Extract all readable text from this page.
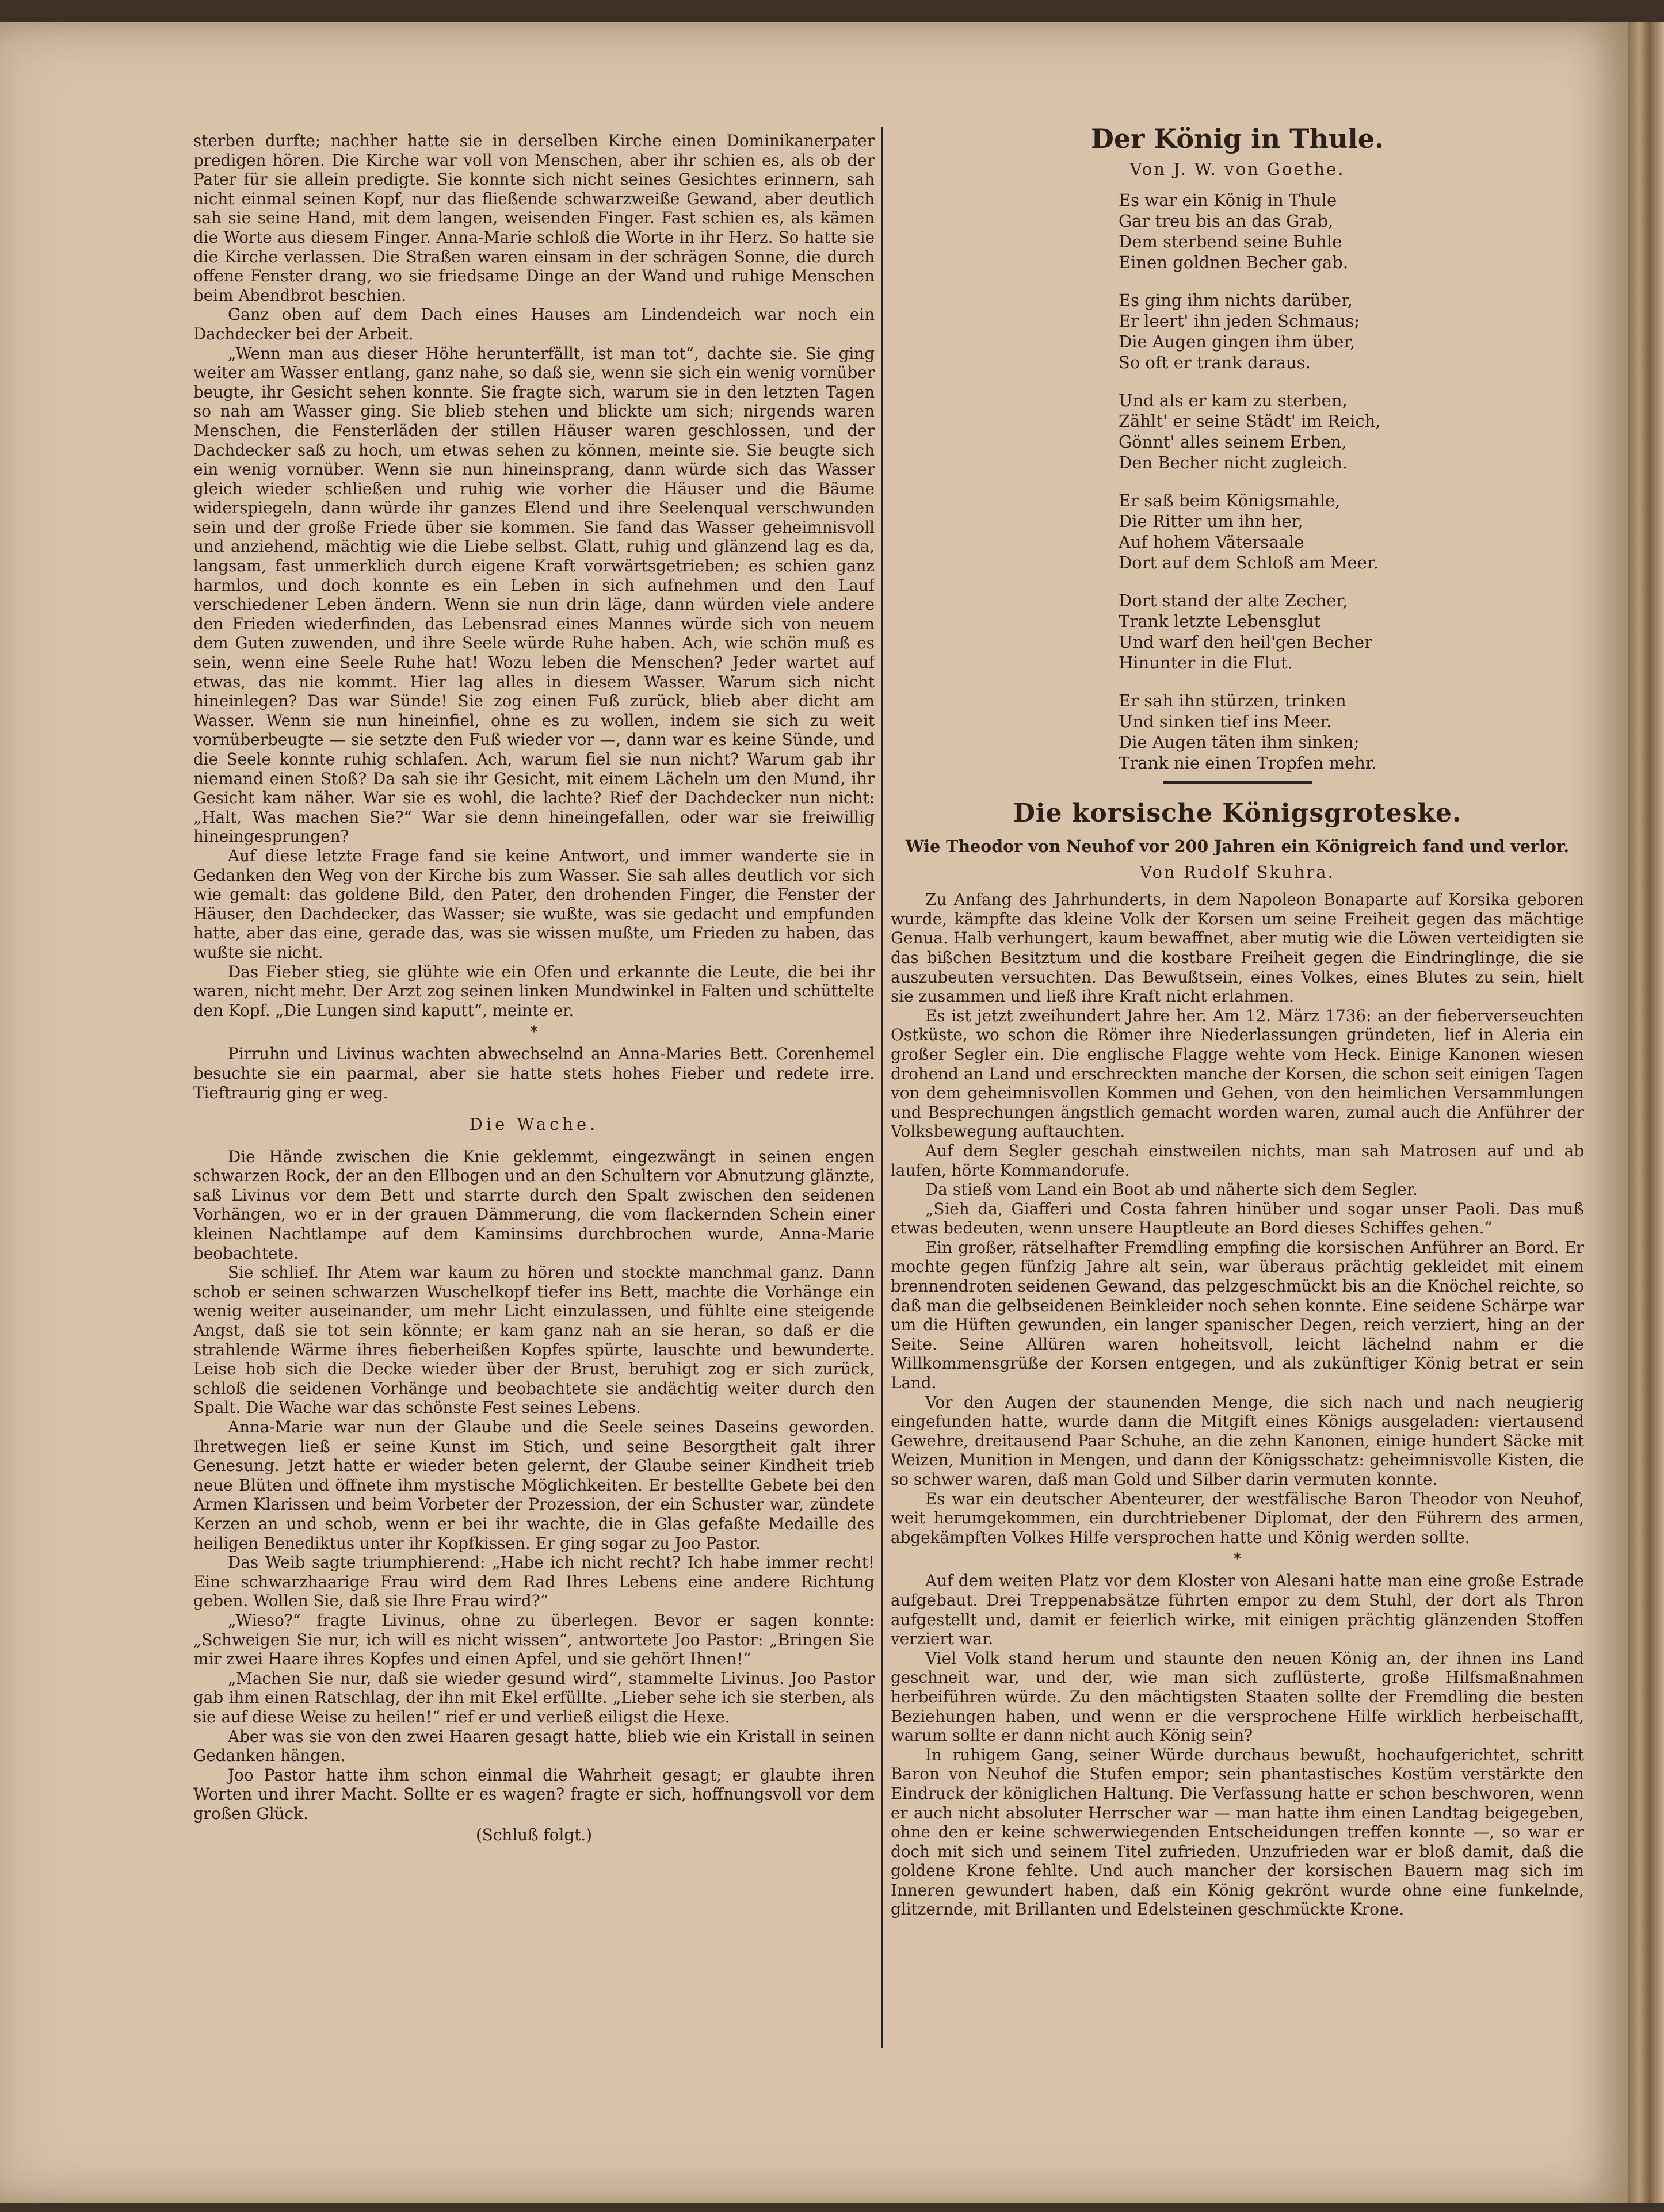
sterben durfte; nachher hatte sie in derselben Kirche einen Dominikanerpater predigen hören. Die Kirche war voll von Menschen, aber ihr schien es, als ob der Pater für sie allein predigte. Sie konnte sich nicht seines Gesichtes erinnern, sah nicht einmal seinen Kopf, nur das fließende schwarzweiße Gewand, aber deutlich sah sie seine Hand, mit dem langen, weisenden Finger. Fast schien es, als kämen die Worte aus diesem Finger. Anna-Marie schloß die Worte in ihr Herz. So hatte sie die Kirche verlassen. Die Straßen waren einsam in der schrägen Sonne, die durch offene Fenster drang, wo sie friedsame Dinge an der Wand und ruhige Menschen beim Abendbrot beschien.

Ganz oben auf dem Dach eines Hauses am Lindendeich war noch ein Dachdecker bei der Arbeit.

„Wenn man aus dieser Höhe herunterfällt, ist man tot“, dachte sie. Sie ging weiter am Wasser entlang, ganz nahe, so daß sie, wenn sie sich ein wenig vornüber beugte, ihr Gesicht sehen konnte. Sie fragte sich, warum sie in den letzten Tagen so nah am Wasser ging. Sie blieb stehen und blickte um sich; nirgends waren Menschen, die Fensterläden der stillen Häuser waren geschlossen, und der Dachdecker saß zu hoch, um etwas sehen zu können, meinte sie. Sie beugte sich ein wenig vornüber. Wenn sie nun hineinsprang, dann würde sich das Wasser gleich wieder schließen und ruhig wie vorher die Häuser und die Bäume widerspiegeln, dann würde ihr ganzes Elend und ihre Seelenqual verschwunden sein und der große Friede über sie kommen. Sie fand das Wasser geheimnisvoll und anziehend, mächtig wie die Liebe selbst. Glatt, ruhig und glänzend lag es da, langsam, fast unmerklich durch eigene Kraft vorwärtsgetrieben; es schien ganz harmlos, und doch konnte es ein Leben in sich aufnehmen und den Lauf verschiedener Leben ändern. Wenn sie nun drin läge, dann würden viele andere den Frieden wiederfinden, das Lebensrad eines Mannes würde sich von neuem dem Guten zuwenden, und ihre Seele würde Ruhe haben. Ach, wie schön muß es sein, wenn eine Seele Ruhe hat! Wozu leben die Menschen? Jeder wartet auf etwas, das nie kommt. Hier lag alles in diesem Wasser. Warum sich nicht hineinlegen? Das war Sünde! Sie zog einen Fuß zurück, blieb aber dicht am Wasser. Wenn sie nun hineinfiel, ohne es zu wollen, indem sie sich zu weit vornüberbeugte — sie setzte den Fuß wieder vor —, dann war es keine Sünde, und die Seele konnte ruhig schlafen. Ach, warum fiel sie nun nicht? Warum gab ihr niemand einen Stoß? Da sah sie ihr Gesicht, mit einem Lächeln um den Mund, ihr Gesicht kam näher. War sie es wohl, die lachte? Rief der Dachdecker nun nicht: „Halt, Was machen Sie?“ War sie denn hineingefallen, oder war sie freiwillig hineingesprungen?

Auf diese letzte Frage fand sie keine Antwort, und immer wanderte sie in Gedanken den Weg von der Kirche bis zum Wasser. Sie sah alles deutlich vor sich wie gemalt: das goldene Bild, den Pater, den drohenden Finger, die Fenster der Häuser, den Dachdecker, das Wasser; sie wußte, was sie gedacht und empfunden hatte, aber das eine, gerade das, was sie wissen mußte, um Frieden zu haben, das wußte sie nicht.

Das Fieber stieg, sie glühte wie ein Ofen und erkannte die Leute, die bei ihr waren, nicht mehr. Der Arzt zog seinen linken Mundwinkel in Falten und schüttelte den Kopf. „Die Lungen sind kaputt“, meinte er.

*

Pirruhn und Livinus wachten abwechselnd an Anna-Maries Bett. Corenhemel besuchte sie ein paarmal, aber sie hatte stets hohes Fieber und redete irre. Tieftraurig ging er weg.

Die Wache.

Die Hände zwischen die Knie geklemmt, eingezwängt in seinen engen schwarzen Rock, der an den Ellbogen und an den Schultern vor Abnutzung glänzte, saß Livinus vor dem Bett und starrte durch den Spalt zwischen den seidenen Vorhängen, wo er in der grauen Dämmerung, die vom flackernden Schein einer kleinen Nachtlampe auf dem Kaminsims durchbrochen wurde, Anna-Marie beobachtete.

Sie schlief. Ihr Atem war kaum zu hören und stockte manchmal ganz. Dann schob er seinen schwarzen Wuschelkopf tiefer ins Bett, machte die Vorhänge ein wenig weiter auseinander, um mehr Licht einzulassen, und fühlte eine steigende Angst, daß sie tot sein könnte; er kam ganz nah an sie heran, so daß er die strahlende Wärme ihres fieberheißen Kopfes spürte, lauschte und bewunderte. Leise hob sich die Decke wieder über der Brust, beruhigt zog er sich zurück, schloß die seidenen Vorhänge und beobachtete sie andächtig weiter durch den Spalt. Die Wache war das schönste Fest seines Lebens.

Anna-Marie war nun der Glaube und die Seele seines Daseins geworden. Ihretwegen ließ er seine Kunst im Stich, und seine Besorgtheit galt ihrer Genesung. Jetzt hatte er wieder beten gelernt, der Glaube seiner Kindheit trieb neue Blüten und öffnete ihm mystische Möglichkeiten. Er bestellte Gebete bei den Armen Klarissen und beim Vorbeter der Prozession, der ein Schuster war, zündete Kerzen an und schob, wenn er bei ihr wachte, die in Glas gefaßte Medaille des heiligen Benediktus unter ihr Kopfkissen. Er ging sogar zu Joo Pastor.

Das Weib sagte triumphierend: „Habe ich nicht recht? Ich habe immer recht! Eine schwarzhaarige Frau wird dem Rad Ihres Lebens eine andere Richtung geben. Wollen Sie, daß sie Ihre Frau wird?“

„Wieso?“ fragte Livinus, ohne zu überlegen. Bevor er sagen konnte: „Schweigen Sie nur, ich will es nicht wissen“, antwortete Joo Pastor: „Bringen Sie mir zwei Haare ihres Kopfes und einen Apfel, und sie gehört Ihnen!“

„Machen Sie nur, daß sie wieder gesund wird“, stammelte Livinus. Joo Pastor gab ihm einen Ratschlag, der ihn mit Ekel erfüllte. „Lieber sehe ich sie sterben, als sie auf diese Weise zu heilen!“ rief er und verließ eiligst die Hexe.

Aber was sie von den zwei Haaren gesagt hatte, blieb wie ein Kristall in seinen Gedanken hängen.

Joo Pastor hatte ihm schon einmal die Wahrheit gesagt; er glaubte ihren Worten und ihrer Macht. Sollte er es wagen? fragte er sich, hoffnungsvoll vor dem großen Glück.

(Schluß folgt.)
Der König in Thule.
Von J. W. von Goethe.
Es war ein König in Thule
Gar treu bis an das Grab,
Dem sterbend seine Buhle
Einen goldnen Becher gab.
Es ging ihm nichts darüber,
Er leert' ihn jeden Schmaus;
Die Augen gingen ihm über,
So oft er trank daraus.
Und als er kam zu sterben,
Zählt' er seine Städt' im Reich,
Gönnt' alles seinem Erben,
Den Becher nicht zugleich.
Er saß beim Königsmahle,
Die Ritter um ihn her,
Auf hohem Vätersaale
Dort auf dem Schloß am Meer.
Dort stand der alte Zecher,
Trank letzte Lebensglut
Und warf den heil'gen Becher
Hinunter in die Flut.
Er sah ihn stürzen, trinken
Und sinken tief ins Meer.
Die Augen täten ihm sinken;
Trank nie einen Tropfen mehr.
Die korsische Königsgroteske.
Wie Theodor von Neuhof vor 200 Jahren ein Königreich fand und verlor.
Von Rudolf Skuhra.

Zu Anfang des Jahrhunderts, in dem Napoleon Bonaparte auf Korsika geboren wurde, kämpfte das kleine Volk der Korsen um seine Freiheit gegen das mächtige Genua. Halb verhungert, kaum bewaffnet, aber mutig wie die Löwen verteidigten sie das bißchen Besitztum und die kostbare Freiheit gegen die Eindringlinge, die sie auszubeuten versuchten. Das Bewußtsein, eines Volkes, eines Blutes zu sein, hielt sie zusammen und ließ ihre Kraft nicht erlahmen.

Es ist jetzt zweihundert Jahre her. Am 12. März 1736: an der fieberverseuchten Ostküste, wo schon die Römer ihre Niederlassungen gründeten, lief in Aleria ein großer Segler ein. Die englische Flagge wehte vom Heck. Einige Kanonen wiesen drohend an Land und erschreckten manche der Korsen, die schon seit einigen Tagen von dem geheimnisvollen Kommen und Gehen, von den heimlichen Versammlungen und Besprechungen ängstlich gemacht worden waren, zumal auch die Anführer der Volksbewegung auftauchten.

Auf dem Segler geschah einstweilen nichts, man sah Matrosen auf und ab laufen, hörte Kommandorufe.

Da stieß vom Land ein Boot ab und näherte sich dem Segler.

„Sieh da, Giafferi und Costa fahren hinüber und sogar unser Paoli. Das muß etwas bedeuten, wenn unsere Hauptleute an Bord dieses Schiffes gehen.“

Ein großer, rätselhafter Fremdling empfing die korsischen Anführer an Bord. Er mochte gegen fünfzig Jahre alt sein, war überaus prächtig gekleidet mit einem brennendroten seidenen Gewand, das pelzgeschmückt bis an die Knöchel reichte, so daß man die gelbseidenen Beinkleider noch sehen konnte. Eine seidene Schärpe war um die Hüften gewunden, ein langer spanischer Degen, reich verziert, hing an der Seite. Seine Allüren waren hoheitsvoll, leicht lächelnd nahm er die Willkommensgrüße der Korsen entgegen, und als zukünftiger König betrat er sein Land.

Vor den Augen der staunenden Menge, die sich nach und nach neugierig eingefunden hatte, wurde dann die Mitgift eines Königs ausgeladen: viertausend Gewehre, dreitausend Paar Schuhe, an die zehn Kanonen, einige hundert Säcke mit Weizen, Munition in Mengen, und dann der Königsschatz: geheimnisvolle Kisten, die so schwer waren, daß man Gold und Silber darin vermuten konnte.

Es war ein deutscher Abenteurer, der westfälische Baron Theodor von Neuhof, weit herumgekommen, ein durchtriebener Diplomat, der den Führern des armen, abgekämpften Volkes Hilfe versprochen hatte und König werden sollte.

*

Auf dem weiten Platz vor dem Kloster von Alesani hatte man eine große Estrade aufgebaut. Drei Treppenabsätze führten empor zu dem Stuhl, der dort als Thron aufgestellt und, damit er feierlich wirke, mit einigen prächtig glänzenden Stoffen verziert war.

Viel Volk stand herum und staunte den neuen König an, der ihnen ins Land geschneit war, und der, wie man sich zuflüsterte, große Hilfsmaßnahmen herbeiführen würde. Zu den mächtigsten Staaten sollte der Fremdling die besten Beziehungen haben, und wenn er die versprochene Hilfe wirklich herbeischafft, warum sollte er dann nicht auch König sein?

In ruhigem Gang, seiner Würde durchaus bewußt, hochaufgerichtet, schritt Baron von Neuhof die Stufen empor; sein phantastisches Kostüm verstärkte den Eindruck der königlichen Haltung. Die Verfassung hatte er schon beschworen, wenn er auch nicht absoluter Herrscher war — man hatte ihm einen Landtag beigegeben, ohne den er keine schwerwiegenden Entscheidungen treffen konnte —, so war er doch mit sich und seinem Titel zufrieden. Unzufrieden war er bloß damit, daß die goldene Krone fehlte. Und auch mancher der korsischen Bauern mag sich im Inneren gewundert haben, daß ein König gekrönt wurde ohne eine funkelnde, glitzernde, mit Brillanten und Edelsteinen geschmückte Krone.
